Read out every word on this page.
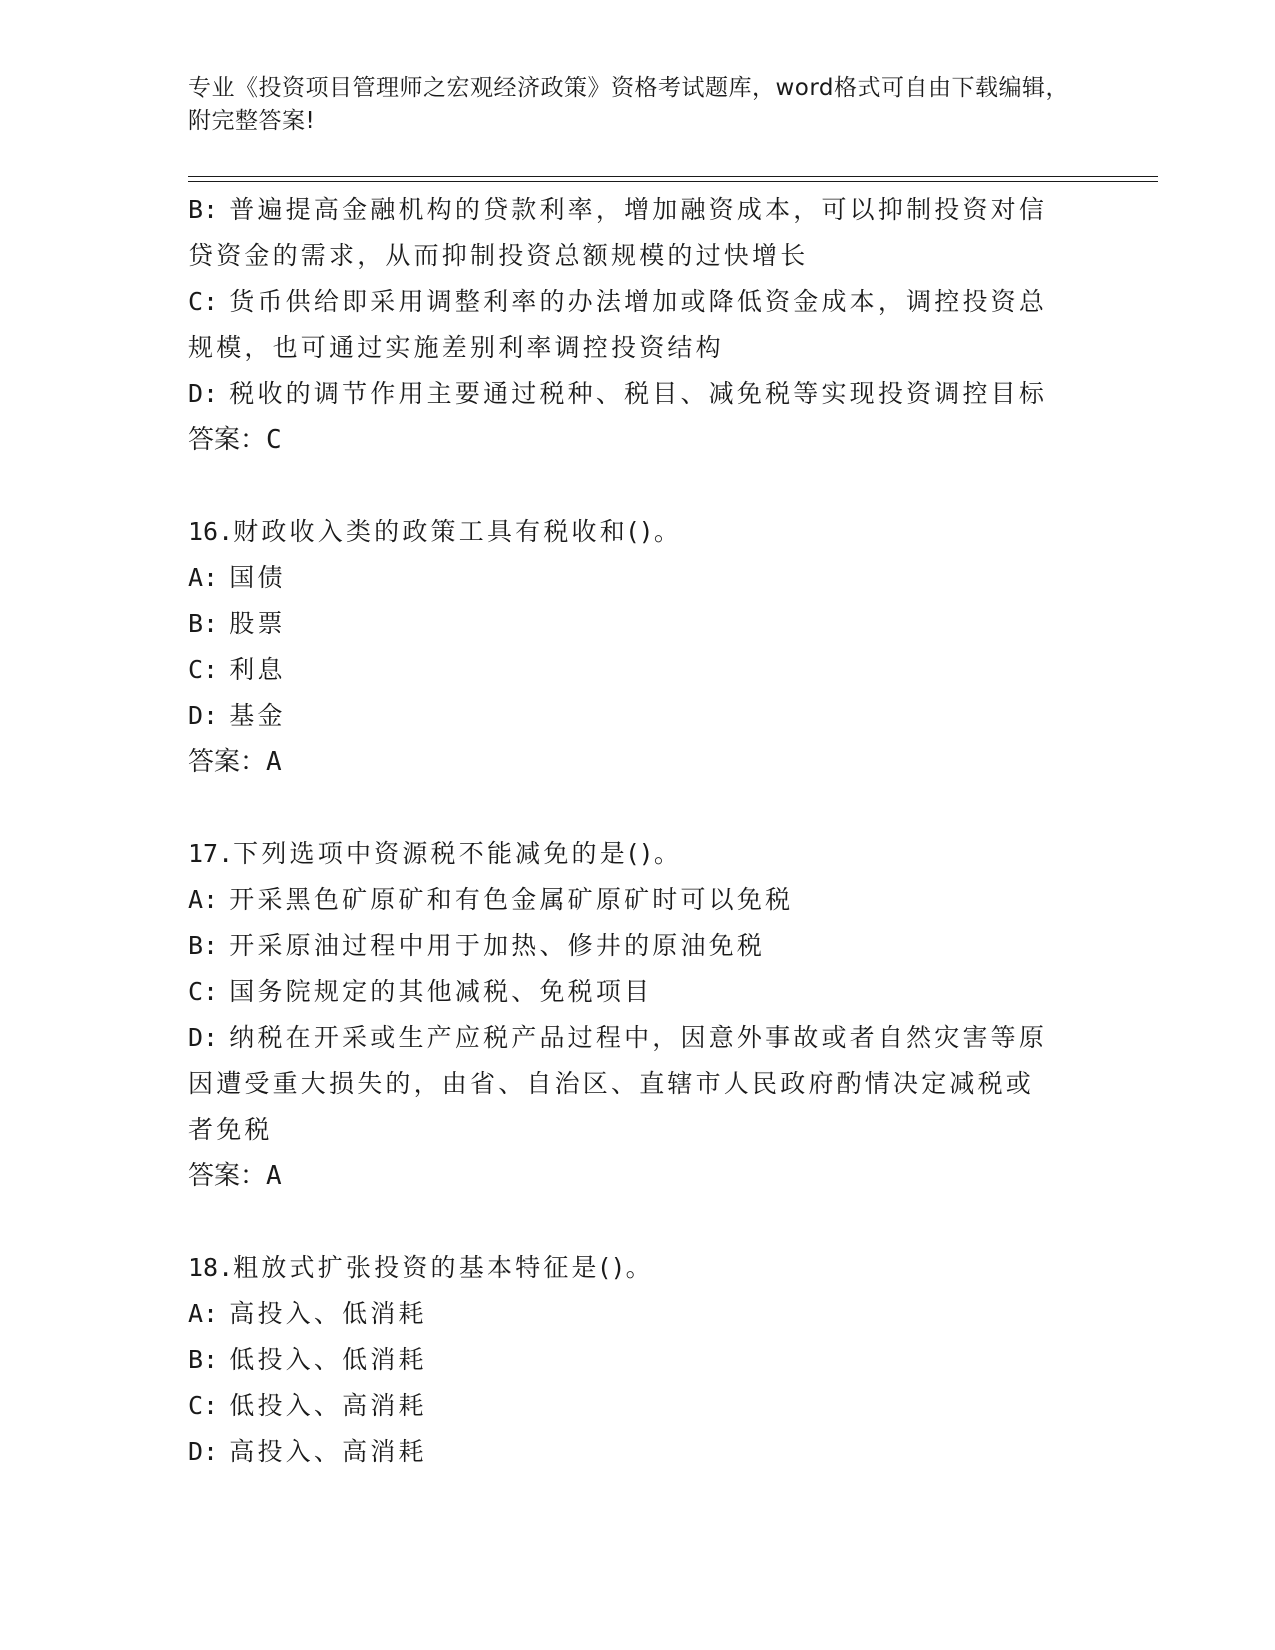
专业《投资项目管理师之宏观经济政策》资格考试题库，word格式可自由下载编辑，附完整答案!
B: 普遍提高金融机构的贷款利率，增加融资成本，可以抑制投资对信
贷资金的需求，从而抑制投资总额规模的过快增长
C: 货币供给即采用调整利率的办法增加或降低资金成本，调控投资总
规模，也可通过实施差别利率调控投资结构
D: 税收的调节作用主要通过税种、税目、减免税等实现投资调控目标
答案：C
16.财政收入类的政策工具有税收和()。
A: 国债
B: 股票
C: 利息
D: 基金
答案：A
17.下列选项中资源税不能减免的是()。
A: 开采黑色矿原矿和有色金属矿原矿时可以免税
B: 开采原油过程中用于加热、修井的原油免税
C: 国务院规定的其他减税、免税项目
D: 纳税在开采或生产应税产品过程中，因意外事故或者自然灾害等原
因遭受重大损失的，由省、自治区、直辖市人民政府酌情决定减税或
者免税
答案：A
18.粗放式扩张投资的基本特征是()。
A: 高投入、低消耗
B: 低投入、低消耗
C: 低投入、高消耗
D: 高投入、高消耗
